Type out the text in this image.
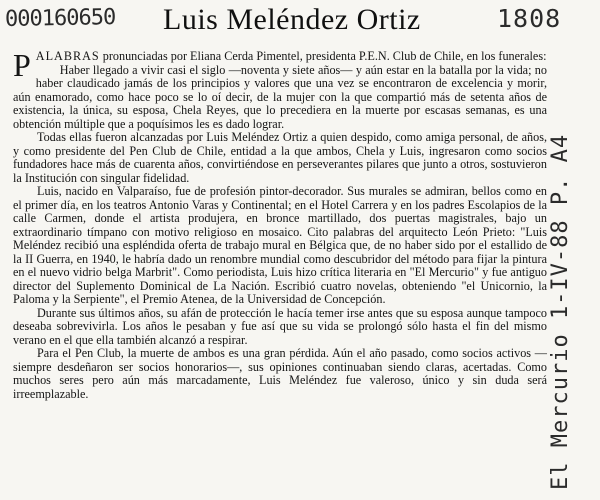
000160650 Luis Meléndez Ortiz	1808
El Mercurio 1-IV-88 P. A4

PALABRAS pronunciadas por Eliana Cerda Pimentel, presidenta P.E.N. Club de Chile, en los funerales:

Haber llegado a vivir casi el siglo —noventa y siete años— y aún estar en la batalla por la vida; no haber claudicado jamás de los principios y valores que una vez se encontraron de excelencia y morir, aún enamorado, como hace poco se lo oí decir, de la mujer con la que compartió más de setenta años de existencia, la única, su esposa, Chela Reyes, que lo precediera en la muerte por escasas semanas, es una obtención múltiple que a poquísimos les es dado lograr.

Todas ellas fueron alcanzadas por Luis Meléndez Ortiz a quien despido, como amiga personal, de años, y como presidente del Pen Club de Chile, entidad a la que ambos, Chela y Luis, ingresaron como socios fundadores hace más de cuarenta años, convirtiéndose en perseverantes pilares que junto a otros, sostuvieron la Institución con singular fidelidad.

Luis, nacido en Valparaíso, fue de profesión pintor-decorador. Sus murales se admiran, bellos como en el primer día, en los teatros Antonio Varas y Continental; en el Hotel Carrera y en los padres Escolapios de la calle Carmen, donde el artista produjera, en bronce martillado, dos puertas magistrales, bajo un extraordinario tímpano con motivo religioso en mosaico. Cito palabras del arquitecto León Prieto: "Luis Meléndez recibió una espléndida oferta de trabajo mural en Bélgica que, de no haber sido por el estallido de la II Guerra, en 1940, le habría dado un renombre mundial como descubridor del método para fijar la pintura en el nuevo vidrio belga Marbrit". Como periodista, Luis hizo crítica literaria en "El Mercurio" y fue antiguo director del Suplemento Dominical de La Nación. Escribió cuatro novelas, obteniendo "el Unicornio, la Paloma y la Serpiente", el Premio Atenea, de la Universidad de Concepción.

Durante sus últimos años, su afán de protección le hacía temer irse antes que su esposa aunque tampoco deseaba sobrevivirla. Los años le pesaban y fue así que su vida se prolongó sólo hasta el fin del mismo verano en el que ella también alcanzó a respirar.

Para el Pen Club, la muerte de ambos es una gran pérdida. Aún el año pasado, como socios activos —siempre desdeñaron ser socios honorarios—, sus opiniones continuaban siendo claras, acertadas. Como muchos seres pero aún más marcadamente, Luis Meléndez fue valeroso, único y sin duda será irreemplazable.
